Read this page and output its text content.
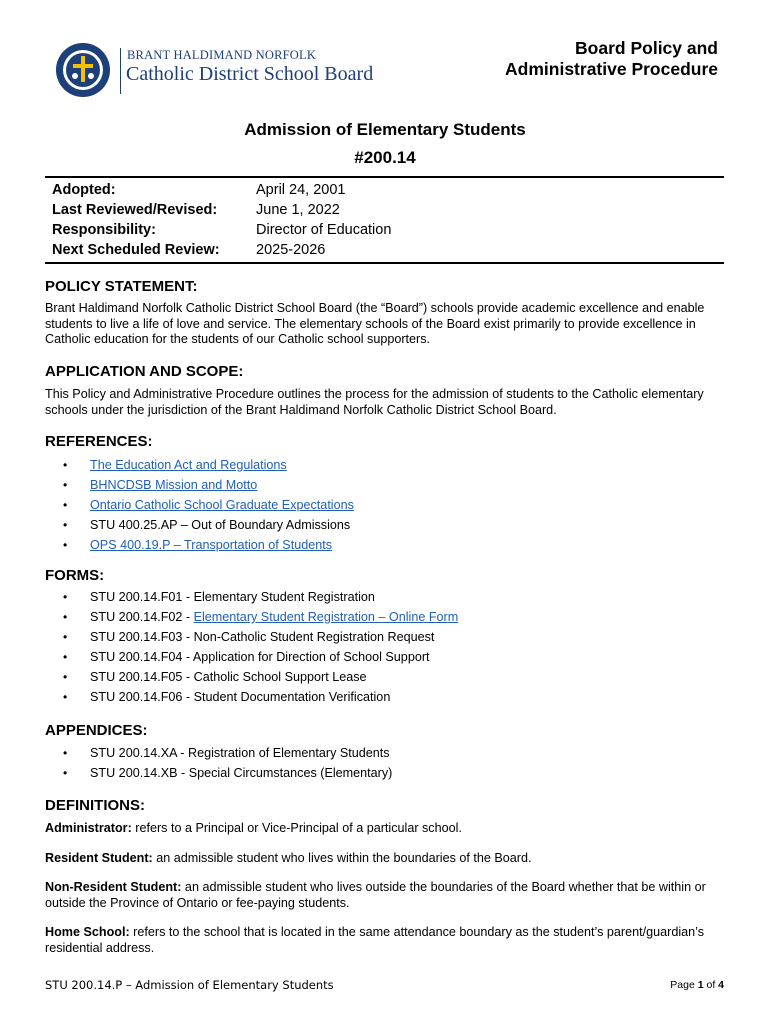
BRANT HALDIMAND NORFOLK
Catholic District School Board
Board Policy and
Administrative Procedure
Admission of Elementary Students
#200.14
Adopted:	April 24, 2001
Last Reviewed/Revised:	June 1, 2022
Responsibility:	Director of Education
Next Scheduled Review:	2025-2026
POLICY STATEMENT:
Brant Haldimand Norfolk Catholic District School Board (the “Board”) schools provide academic excellence and enable
students to live a life of love and service. The elementary schools of the Board exist primarily to provide excellence in
Catholic education for the students of our Catholic school supporters.
APPLICATION AND SCOPE:
This Policy and Administrative Procedure outlines the process for the admission of students to the Catholic elementary
schools under the jurisdiction of the Brant Haldimand Norfolk Catholic District School Board.
REFERENCES:
• The Education Act and Regulations
• BHNCDSB Mission and Motto
• Ontario Catholic School Graduate Expectations
• STU 400.25.AP – Out of Boundary Admissions
• OPS 400.19.P – Transportation of Students
FORMS:
• STU 200.14.F01 - Elementary Student Registration
• STU 200.14.F02 - Elementary Student Registration – Online Form
• STU 200.14.F03 - Non-Catholic Student Registration Request
• STU 200.14.F04 - Application for Direction of School Support
• STU 200.14.F05 - Catholic School Support Lease
• STU 200.14.F06 - Student Documentation Verification
APPENDICES:
• STU 200.14.XA - Registration of Elementary Students
• STU 200.14.XB - Special Circumstances (Elementary)
DEFINITIONS:
Administrator: refers to a Principal or Vice-Principal of a particular school.
Resident Student: an admissible student who lives within the boundaries of the Board.
Non-Resident Student: an admissible student who lives outside the boundaries of the Board whether that be within or
outside the Province of Ontario or fee-paying students.
Home School: refers to the school that is located in the same attendance boundary as the student’s parent/guardian’s
residential address.
STU 200.14.P – Admission of Elementary Students	Page 1 of 4
